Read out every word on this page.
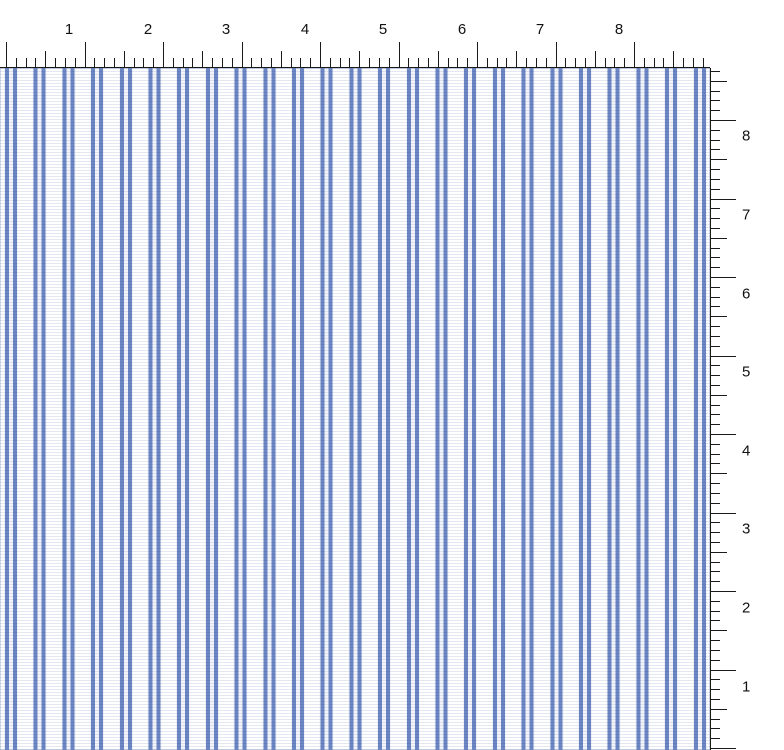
1	2	3	4	5	6	7	8
1
2
3
4
5
6
7
8
